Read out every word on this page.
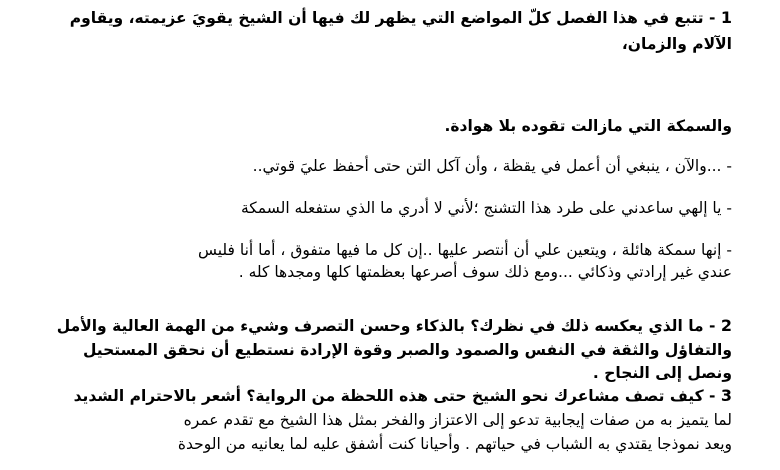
1 - تتبع في هذا الفصل كلّ المواضع التي يظهر لك فيها أن الشيخ يقويَ عزيمته، ويقاوم
الآلام والزمان،
والسمكة التي مازالت تقوده بلا هوادة.
- ...والآن ، ينبغي أن أعمل في يقظة ، وأن آكل التن حتى أحفظ عليَ قوتي..
- يا إلهي ساعدني على طرد هذا التشنج ؛لأني لا أدري ما الذي ستفعله السمكة
- إنها سمكة هائلة ، ويتعين علي أن أنتصر عليها ..إن كل ما فيها متفوق ، أما أنا فليس
عندي غير إرادتي وذكائي ...ومع ذلك سوف أصرعها بعظمتها كلها ومجدها كله .
2 - ما الذي يعكسه ذلك في نظرك؟ بالذكاء وحسن التصرف وشيء من الهمة العالية والأمل
والتفاؤل والثقة في النفس والصمود والصبر وقوة الإرادة نستطيع أن نحقق المستحيل
ونصل إلى النجاح .
3 - كيف تصف مشاعرك نحو الشيخ حتى هذه اللحظة من الرواية؟ أشعر بالاحترام الشديد
لما يتميز به من صفات إيجابية تدعو إلى الاعتزاز والفخر بمثل هذا الشيخ مع تقدم عمره
ويعد نموذجا يقتدي به الشباب في حياتهم . وأحيانا كنت أشفق عليه لما يعانيه من الوحدة
